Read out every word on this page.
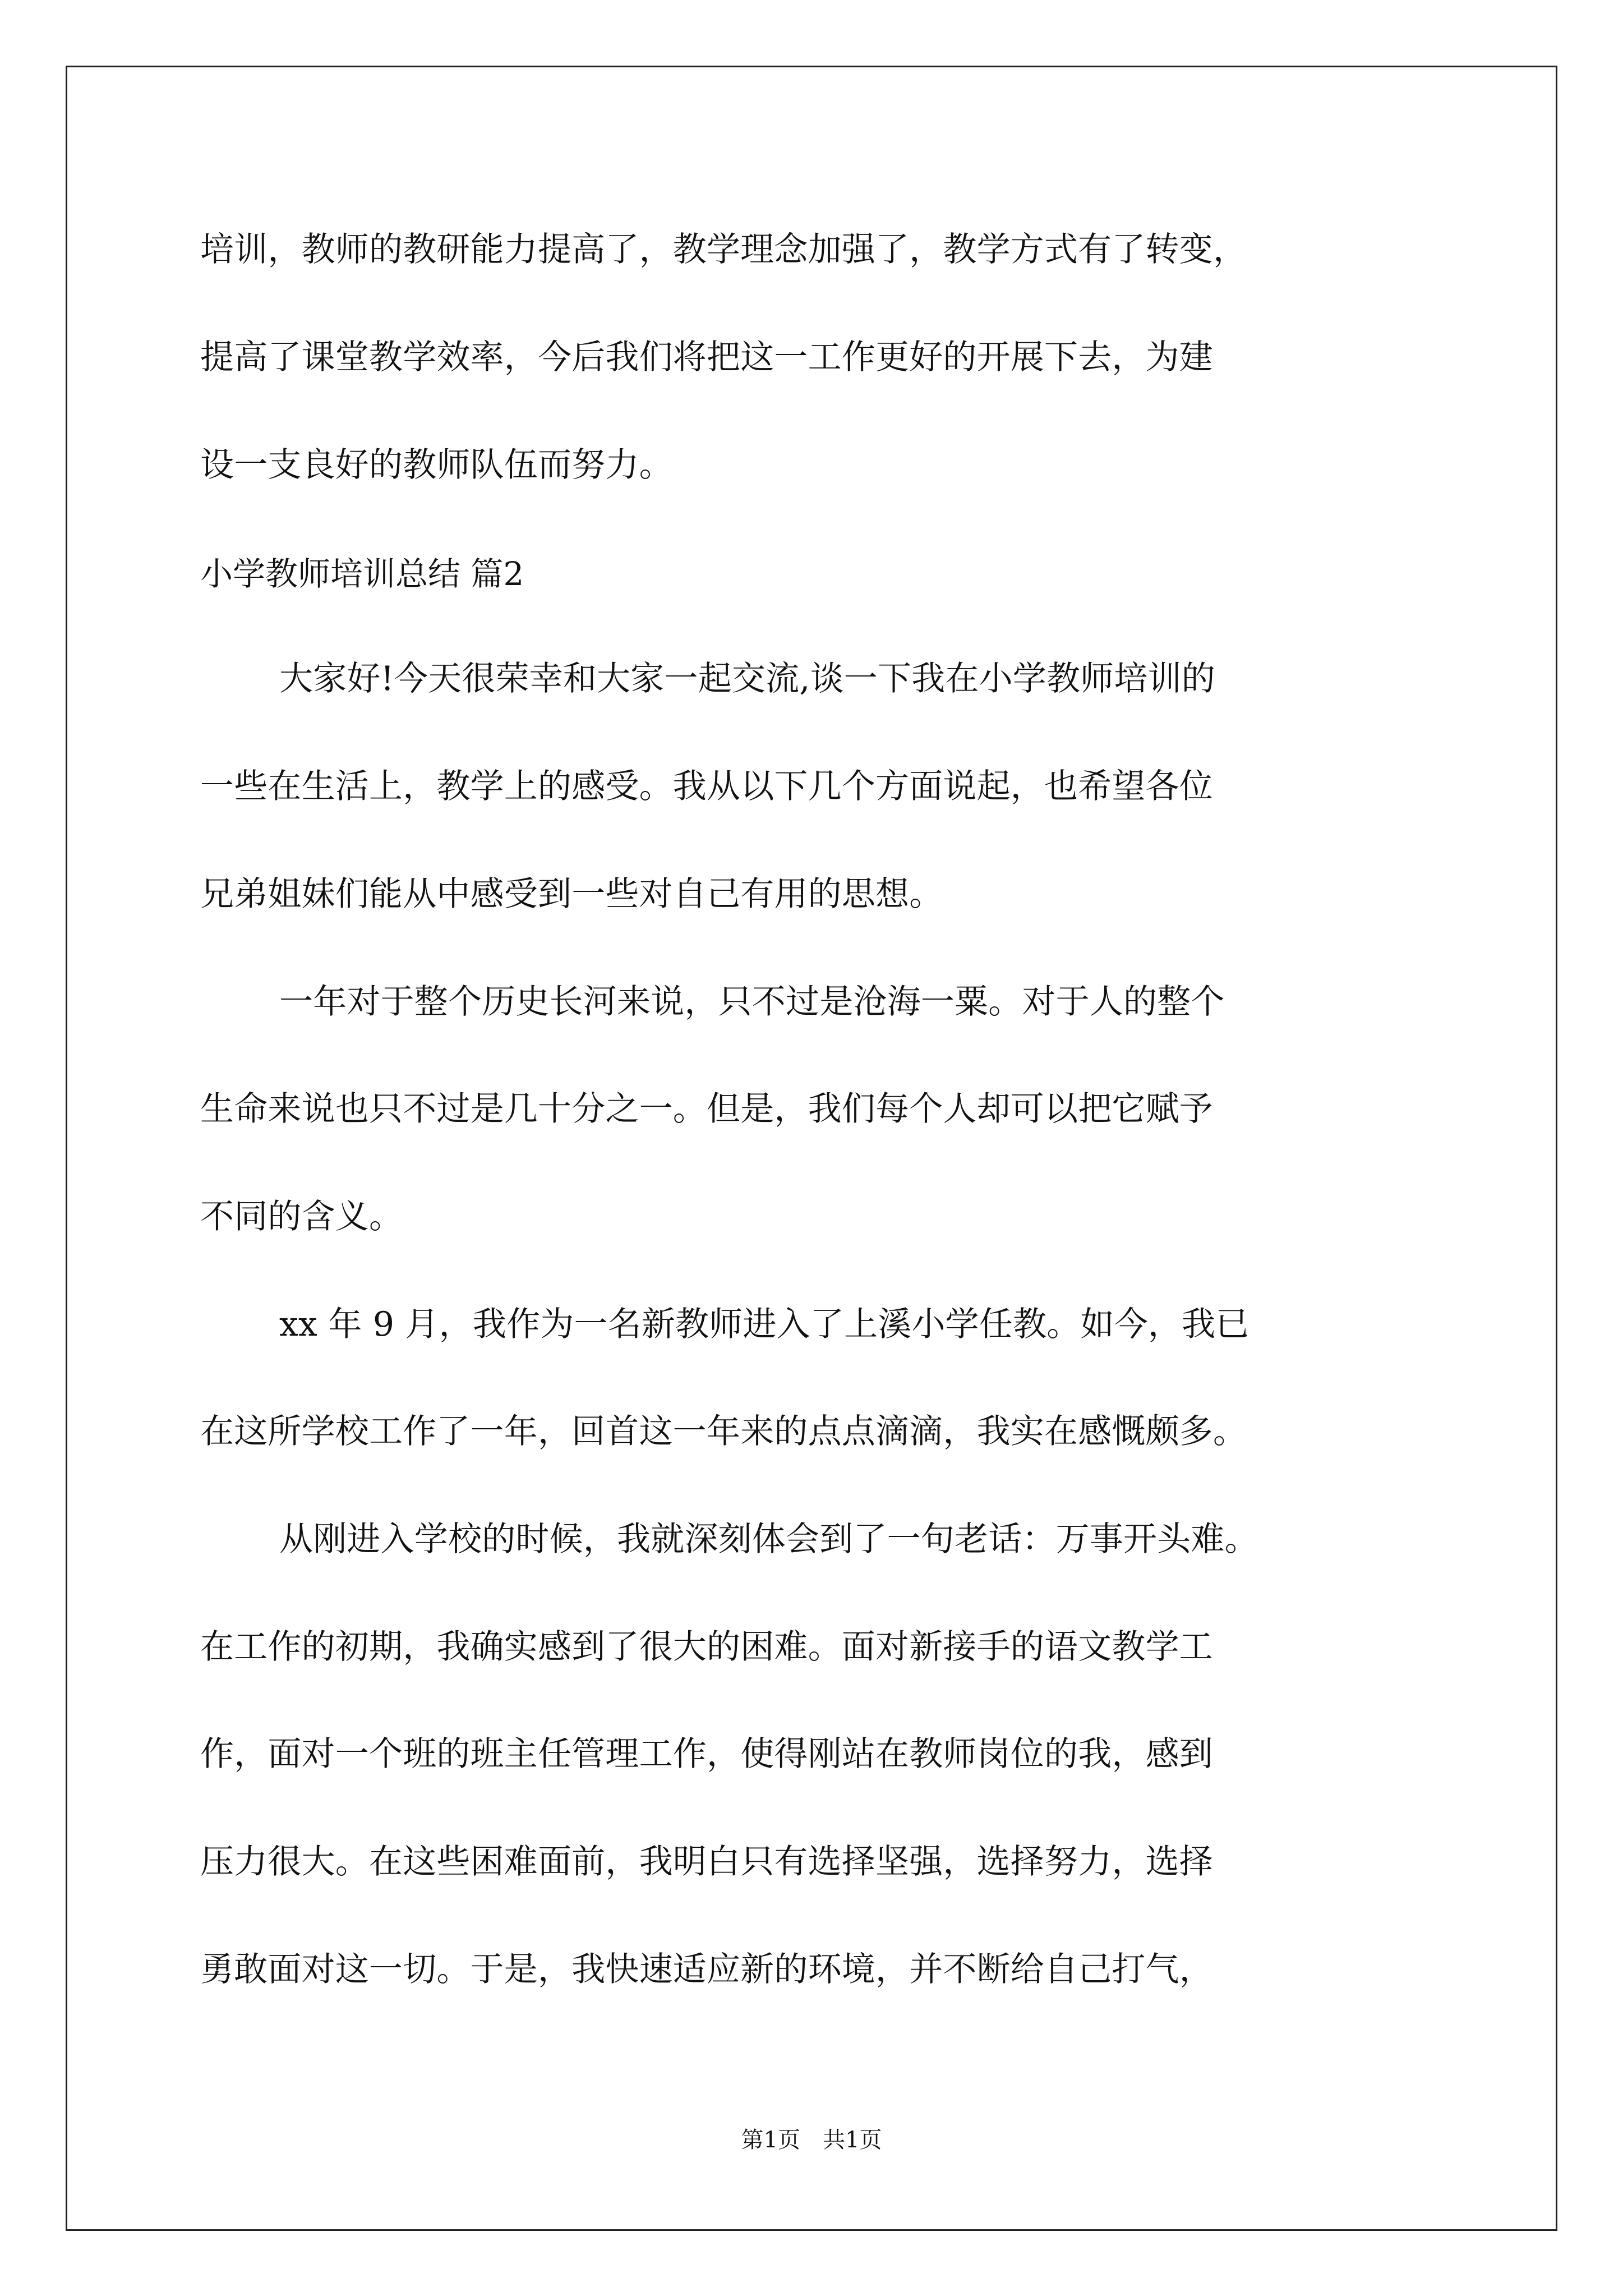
培训，教师的教研能力提高了，教学理念加强了，教学方式有了转变，
提高了课堂教学效率，今后我们将把这一工作更好的开展下去，为建
设一支良好的教师队伍而努力。
小学教师培训总结 篇2
大家好!今天很荣幸和大家一起交流,谈一下我在小学教师培训的
一些在生活上，教学上的感受。我从以下几个方面说起，也希望各位
兄弟姐妹们能从中感受到一些对自己有用的思想。
一年对于整个历史长河来说，只不过是沧海一粟。对于人的整个
生命来说也只不过是几十分之一。但是，我们每个人却可以把它赋予
不同的含义。
xx 年 9 月，我作为一名新教师进入了上溪小学任教。如今，我已
在这所学校工作了一年，回首这一年来的点点滴滴，我实在感慨颇多。
从刚进入学校的时候，我就深刻体会到了一句老话：万事开头难。
在工作的初期，我确实感到了很大的困难。面对新接手的语文教学工
作，面对一个班的班主任管理工作，使得刚站在教师岗位的我，感到
压力很大。在这些困难面前，我明白只有选择坚强，选择努力，选择
勇敢面对这一切。于是，我快速适应新的环境，并不断给自己打气，
第1页　共1页
